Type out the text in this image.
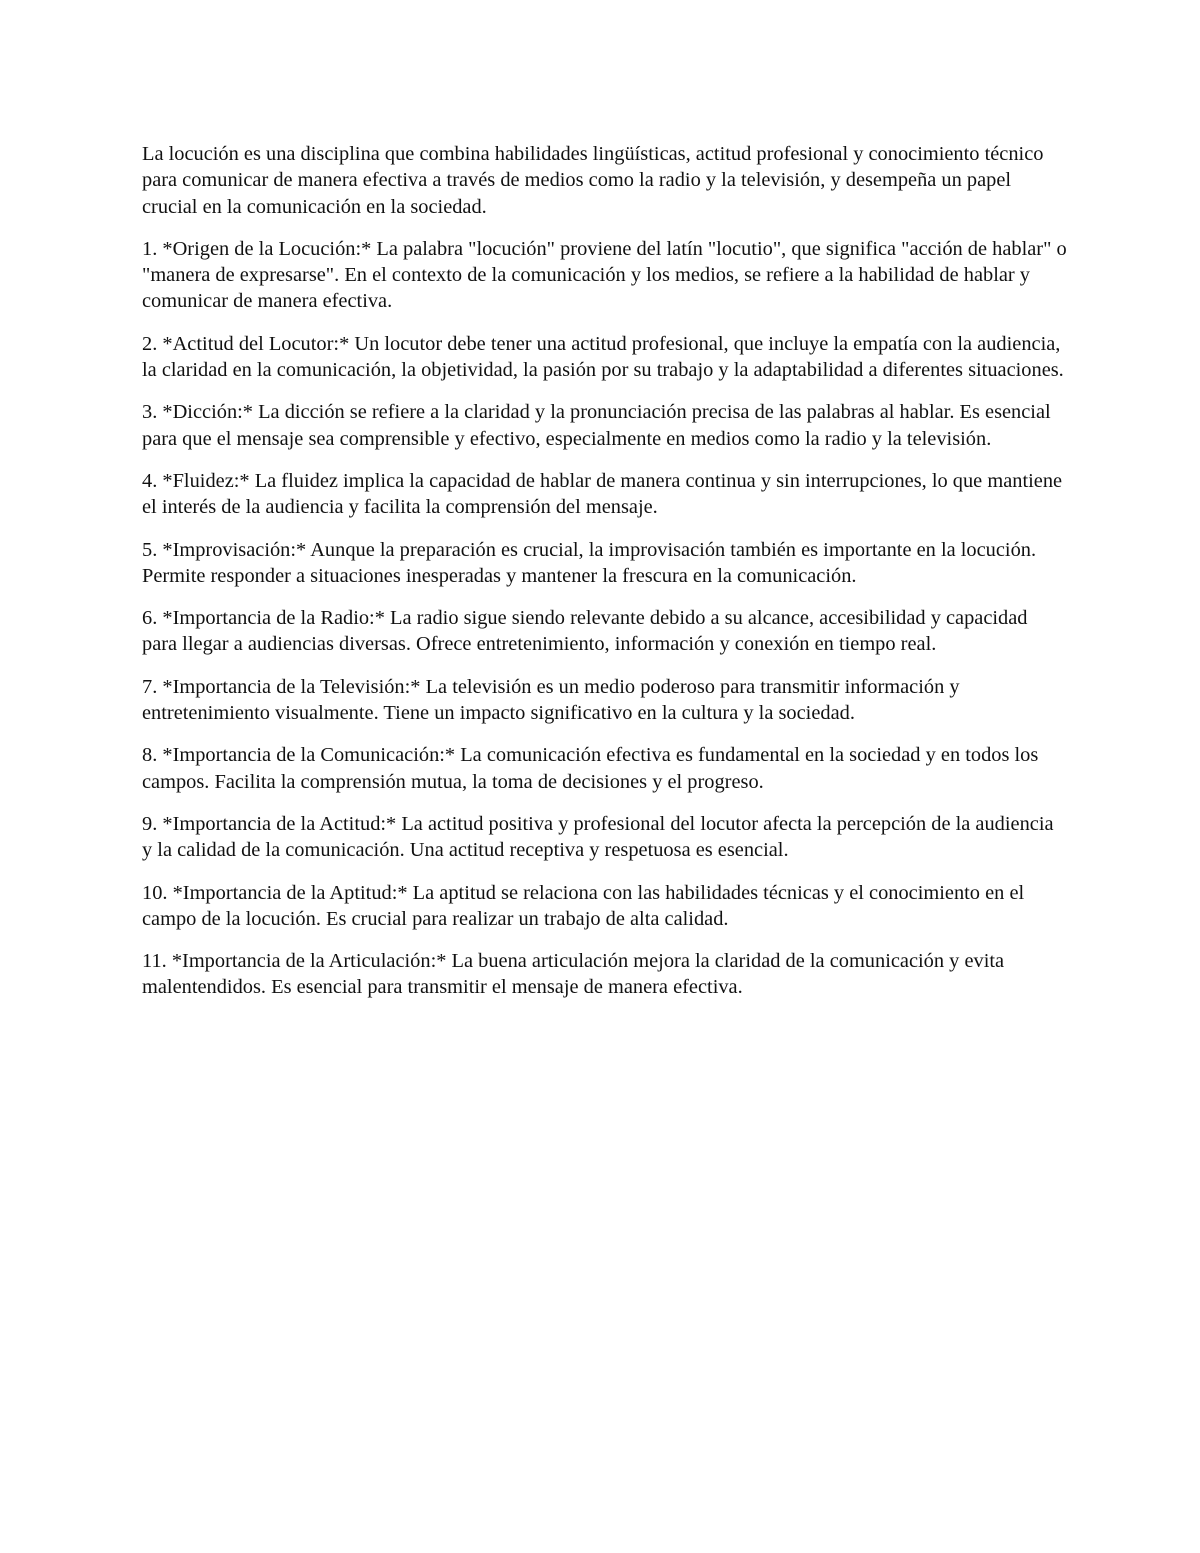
La locución es una disciplina que combina habilidades lingüísticas, actitud profesional y conocimiento técnico para comunicar de manera efectiva a través de medios como la radio y la televisión, y desempeña un papel crucial en la comunicación en la sociedad.

1. *Origen de la Locución:* La palabra "locución" proviene del latín "locutio", que significa "acción de hablar" o "manera de expresarse". En el contexto de la comunicación y los medios, se refiere a la habilidad de hablar y comunicar de manera efectiva.

2. *Actitud del Locutor:* Un locutor debe tener una actitud profesional, que incluye la empatía con la audiencia, la claridad en la comunicación, la objetividad, la pasión por su trabajo y la adaptabilidad a diferentes situaciones.

3. *Dicción:* La dicción se refiere a la claridad y la pronunciación precisa de las palabras al hablar. Es esencial para que el mensaje sea comprensible y efectivo, especialmente en medios como la radio y la televisión.

4. *Fluidez:* La fluidez implica la capacidad de hablar de manera continua y sin interrupciones, lo que mantiene el interés de la audiencia y facilita la comprensión del mensaje.

5. *Improvisación:* Aunque la preparación es crucial, la improvisación también es importante en la locución. Permite responder a situaciones inesperadas y mantener la frescura en la comunicación.

6. *Importancia de la Radio:* La radio sigue siendo relevante debido a su alcance, accesibilidad y capacidad para llegar a audiencias diversas. Ofrece entretenimiento, información y conexión en tiempo real.

7. *Importancia de la Televisión:* La televisión es un medio poderoso para transmitir información y entretenimiento visualmente. Tiene un impacto significativo en la cultura y la sociedad.

8. *Importancia de la Comunicación:* La comunicación efectiva es fundamental en la sociedad y en todos los campos. Facilita la comprensión mutua, la toma de decisiones y el progreso.

9. *Importancia de la Actitud:* La actitud positiva y profesional del locutor afecta la percepción de la audiencia y la calidad de la comunicación. Una actitud receptiva y respetuosa es esencial.

10. *Importancia de la Aptitud:* La aptitud se relaciona con las habilidades técnicas y el conocimiento en el campo de la locución. Es crucial para realizar un trabajo de alta calidad.

11. *Importancia de la Articulación:* La buena articulación mejora la claridad de la comunicación y evita malentendidos. Es esencial para transmitir el mensaje de manera efectiva.
